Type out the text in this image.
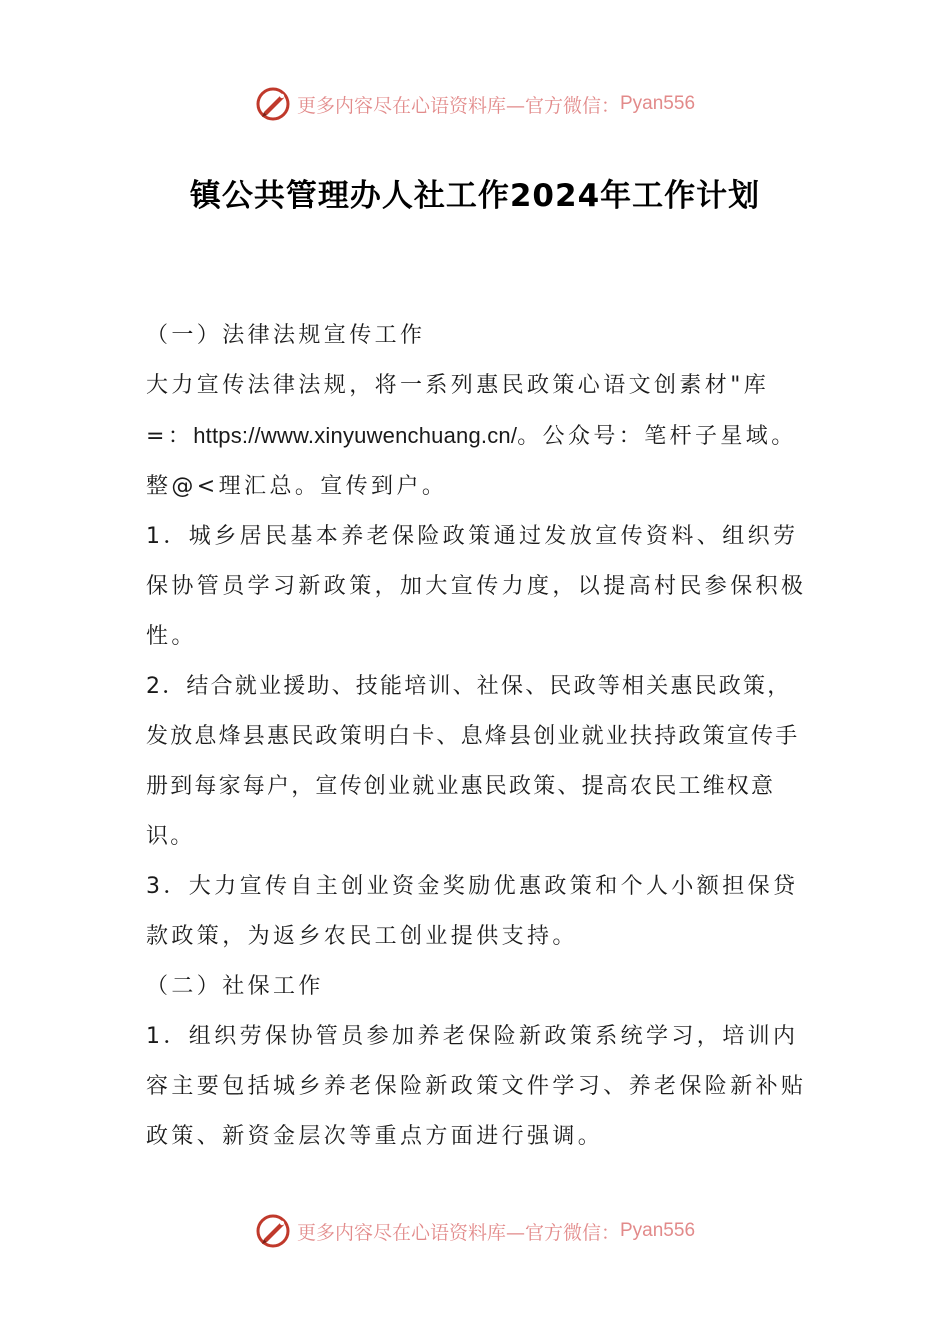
更多内容尽在心语资料库—官方微信： Pyan556
镇公共管理办人社工作2024年工作计划

（一）法律法规宣传工作

大力宣传法律法规，将一系列惠民政策心语文创素材"库=：https://www.xinyuwenchuang.cn/。公众号：笔杆子星域。整@<理汇总。宣传到户。

1．城乡居民基本养老保险政策通过发放宣传资料、组织劳保协管员学习新政策，加大宣传力度，以提高村民参保积极性。

2．结合就业援助、技能培训、社保、民政等相关惠民政策，发放息烽县惠民政策明白卡、息烽县创业就业扶持政策宣传手册到每家每户，宣传创业就业惠民政策、提高农民工维权意识。

3．大力宣传自主创业资金奖励优惠政策和个人小额担保贷款政策，为返乡农民工创业提供支持。

（二）社保工作

1．组织劳保协管员参加养老保险新政策系统学习，培训内容主要包括城乡养老保险新政策文件学习、养老保险新补贴政策、新资金层次等重点方面进行强调。

更多内容尽在心语资料库—官方微信： Pyan556
